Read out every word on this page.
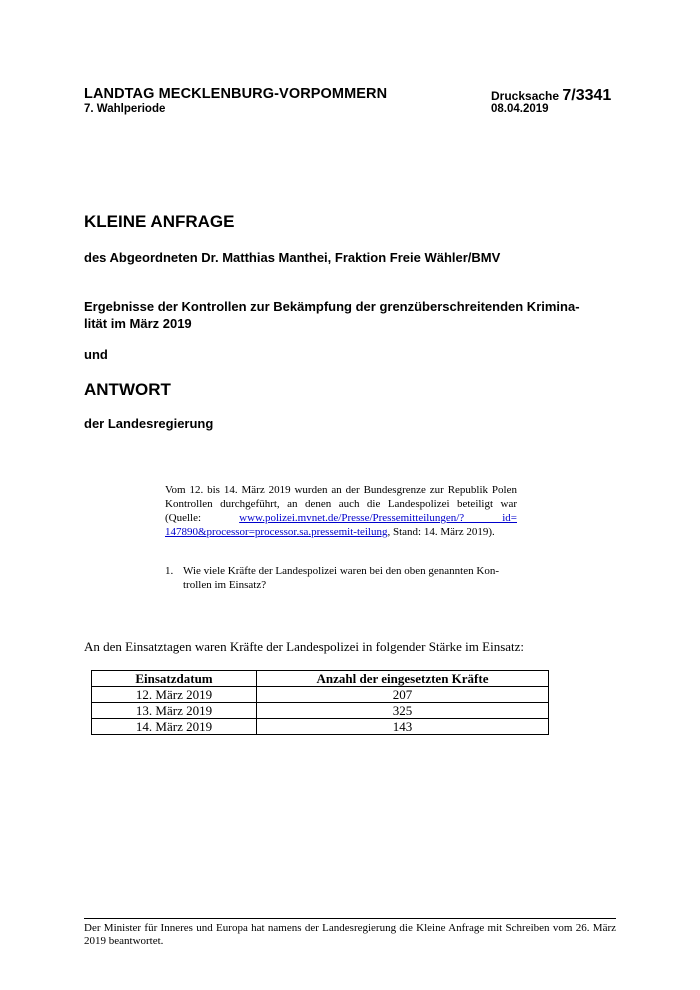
LANDTAG MECKLENBURG-VORPOMMERN
7. Wahlperiode
Drucksache 7/3341
08.04.2019
KLEINE ANFRAGE
des Abgeordneten Dr. Matthias Manthei, Fraktion Freie Wähler/BMV
Ergebnisse der Kontrollen zur Bekämpfung der grenzüberschreitenden Krimina-
lität im März 2019
und
ANTWORT
der Landesregierung
Vom 12. bis 14. März 2019 wurden an der Bundesgrenze zur Republik Polen Kontrollen durchgeführt, an denen auch die Landespolizei beteiligt war (Quelle: www.polizei.mvnet.de/Presse/Pressemitteilungen/? id= 147890&processor=processor.sa.pressemit-teilung, Stand: 14. März 2019).
1. Wie viele Kräfte der Landespolizei waren bei den oben genannten Kon-
trollen im Einsatz?
An den Einsatztagen waren Kräfte der Landespolizei in folgender Stärke im Einsatz:
Einsatzdatum	Anzahl der eingesetzten Kräfte
12. März 2019	207
13. März 2019	325
14. März 2019	143
Der Minister für Inneres und Europa hat namens der Landesregierung die Kleine Anfrage mit Schreiben vom 26. März 2019 beantwortet.
